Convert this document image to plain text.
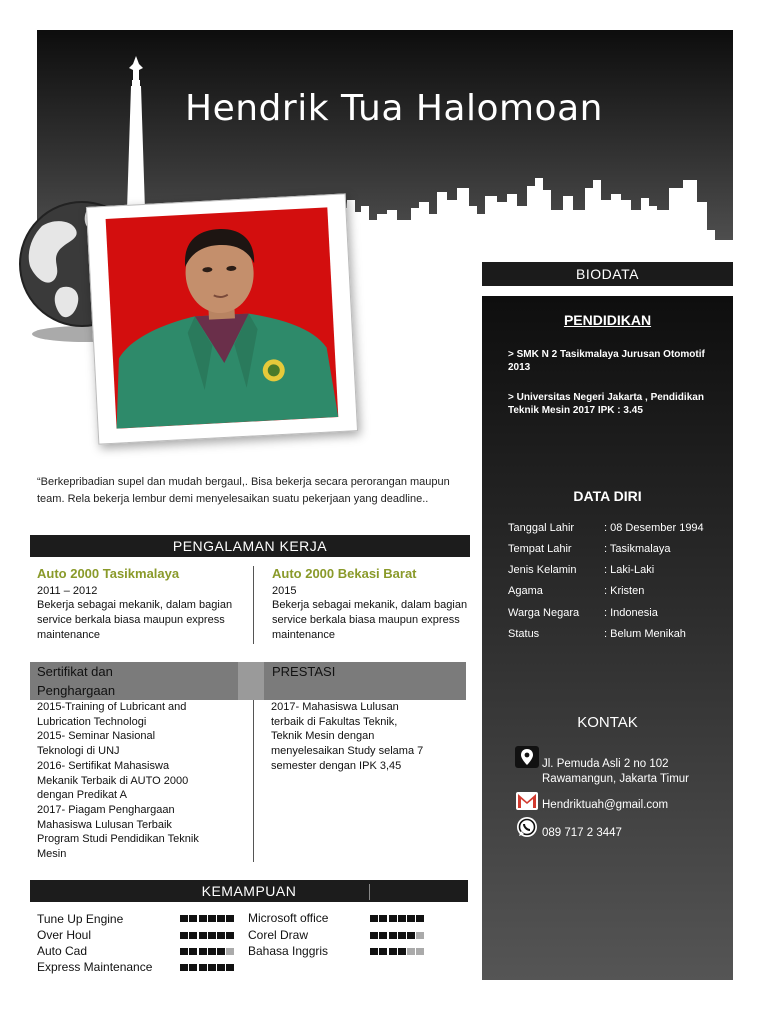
Hendrik Tua Halomoan
BIODATA
PENDIDIKAN
> SMK N 2 Tasikmalaya Jurusan Otomotif 2013
> Universitas Negeri Jakarta , Pendidikan Teknik Mesin 2017 IPK : 3.45
DATA DIRI
Tanggal Lahir	: 08 Desember 1994
Tempat Lahir	: Tasikmalaya
Jenis Kelamin	: Laki-Laki
Agama	: Kristen
Warga Negara : Indonesia
Status	: Belum Menikah
KONTAK
Jl. Pemuda Asli 2 no 102
Rawamangun, Jakarta Timur
Hendriktuah@gmail.com
089 717 2 3447
“Berkepribadian supel dan mudah bergaul,. Bisa bekerja secara perorangan maupun team. Rela bekerja lembur demi menyelesaikan suatu pekerjaan yang deadline..
PENGALAMAN KERJA
Auto 2000 Tasikmalaya
2011 – 2012
Bekerja sebagai mekanik, dalam bagian service berkala biasa maupun express maintenance
Auto 2000 Bekasi Barat
2015
Bekerja sebagai mekanik, dalam bagian service berkala biasa maupun express maintenance
Sertifikat dan
Penghargaan
PRESTASI
2015-Training of Lubricant and
Lubrication Technologi
2015- Seminar Nasional
Teknologi di UNJ
2016- Sertifikat Mahasiswa
Mekanik Terbaik di AUTO 2000
dengan Predikat A
2017- Piagam Penghargaan
Mahasiswa Lulusan Terbaik
Program Studi Pendidikan Teknik
Mesin
2017- Mahasiswa Lulusan
terbaik di Fakultas Teknik,
Teknik Mesin dengan
menyelesaikan Study selama 7
semester dengan IPK 3,45
KEMAMPUAN
Tune Up Engine
Over Houl
Auto Cad
Express Maintenance
Microsoft office
Corel Draw
Bahasa Inggris
